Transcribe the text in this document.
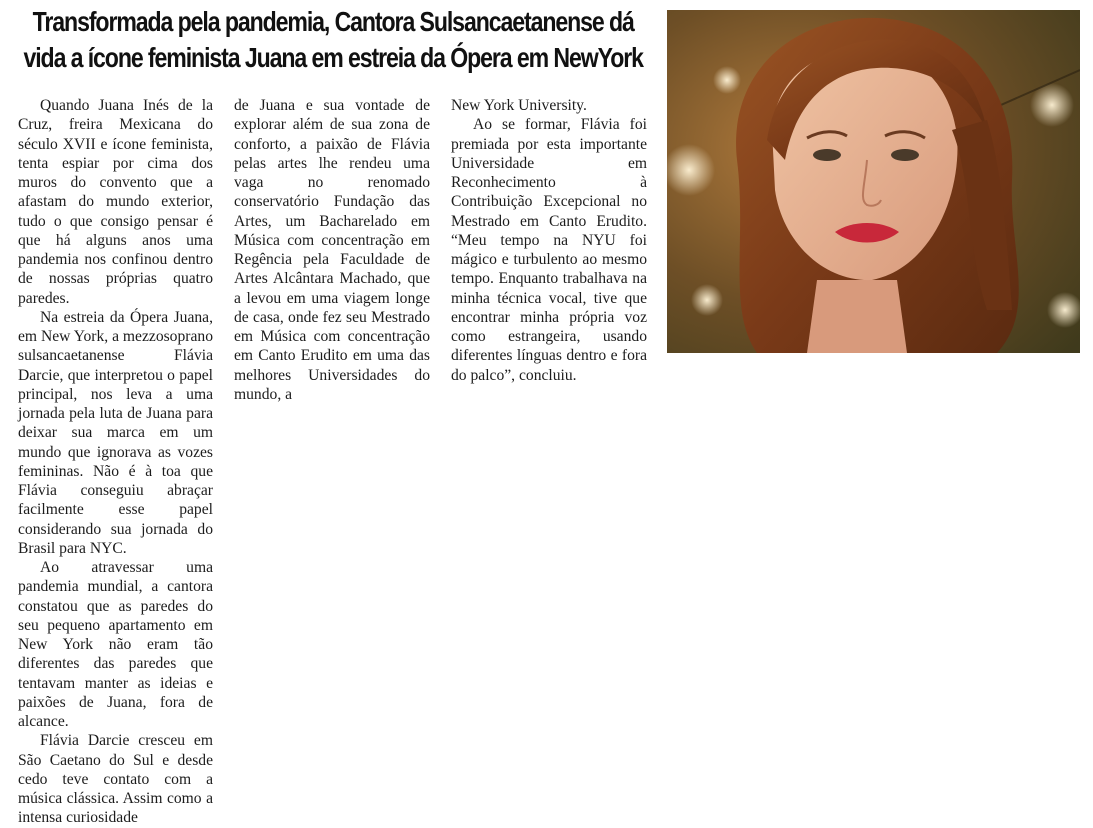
Transformada pela pandemia, Cantora Sulsancaetanense dá vida a ícone feminista Juana em estreia da Ópera em NewYork

Quando Juana Inés de la Cruz, freira Mexicana do século XVII e ícone feminista, tenta espiar por cima dos muros do convento que a afastam do mundo exterior, tudo o que consigo pensar é que há alguns anos uma pandemia nos confinou dentro de nossas próprias quatro paredes.

Na estreia da Ópera Juana, em New York, a mezzosoprano sulsancaetanense Flávia Darcie, que interpretou o papel principal, nos leva a uma jornada pela luta de Juana para deixar sua marca em um mundo que ignorava as vozes femininas. Não é à toa que Flávia conseguiu abraçar facilmente esse papel considerando sua jornada do Brasil para NYC.

Ao atravessar uma pandemia mundial, a cantora constatou que as paredes do seu pequeno apartamento em New York não eram tão diferentes das paredes que tentavam manter as ideias e paixões de Juana, fora de alcance.

Flávia Darcie cresceu em São Caetano do Sul e desde cedo teve contato com a música clássica. Assim como a intensa curiosidade

de Juana e sua vontade de explorar além de sua zona de conforto, a paixão de Flávia pelas artes lhe rendeu uma vaga no renomado conservatório Fundação das Artes, um Bacharelado em Música com concentração em Regência pela Faculdade de Artes Alcântara Machado, que a levou em uma viagem longe de casa, onde fez seu Mestrado em Música com concentração em Canto Erudito em uma das melhores Universidades do mundo, a

New York University.

Ao se formar, Flávia foi premiada por esta importante Universidade em Reconhecimento à Contribuição Excepcional no Mestrado em Canto Erudito. “Meu tempo na NYU foi mágico e turbulento ao mesmo tempo. Enquanto trabalhava na minha técnica vocal, tive que encontrar minha própria voz como estrangeira, usando diferentes línguas dentro e fora do palco”, concluiu.
